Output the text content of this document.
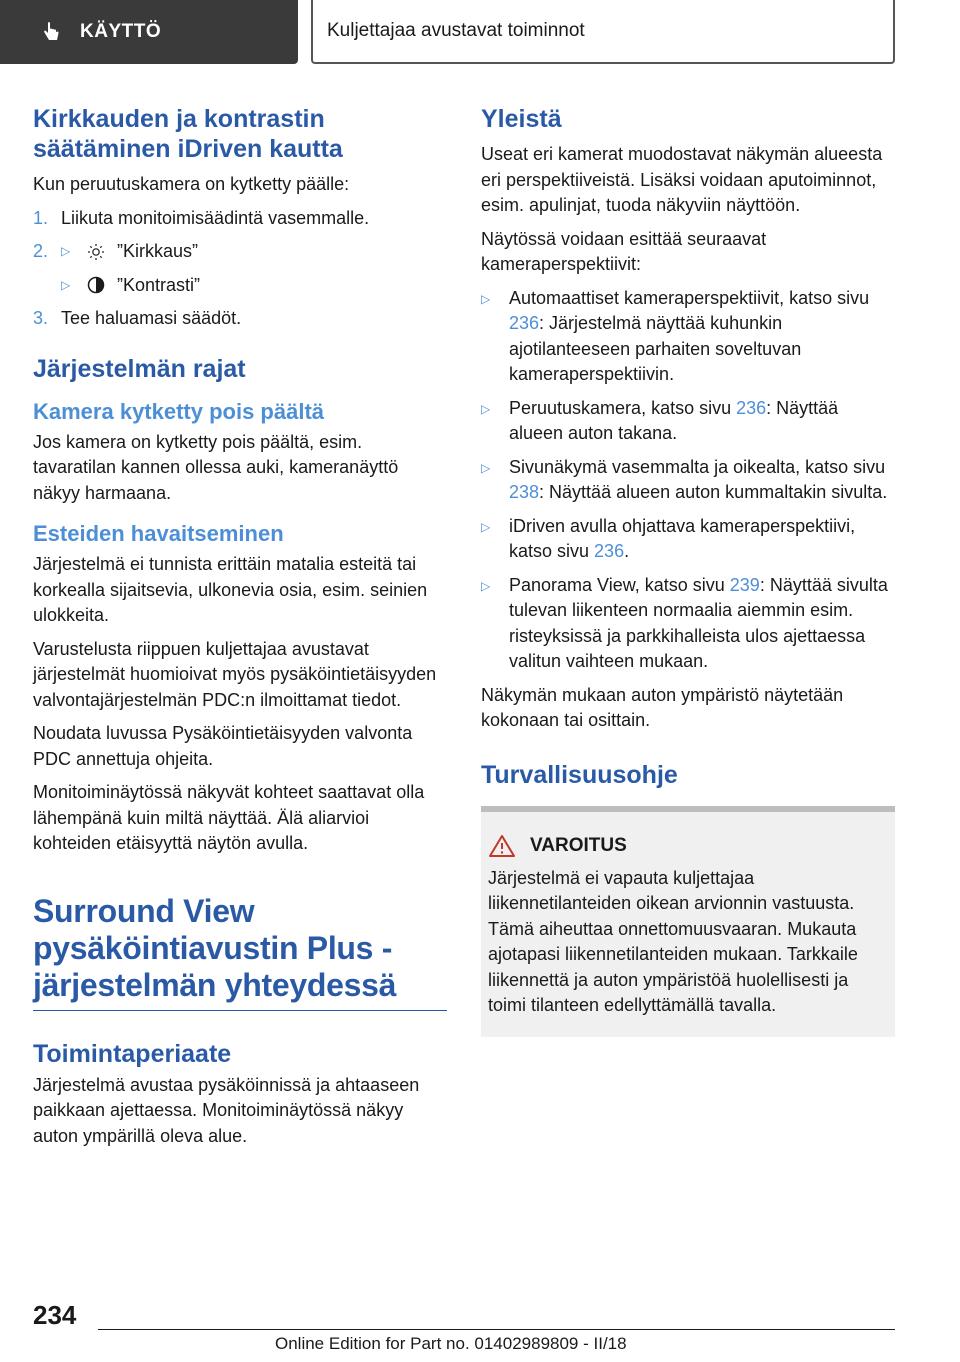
KÄYTTÖ	Kuljettajaa avustavat toiminnot
Kirkkauden ja kontrastin säätäminen iDriven kautta

Kun peruutuskamera on kytketty päälle:

1. Liikuta monitoimisäädintä vasemmalle.
2.	▷	”Kirkkaus”
▷	”Kontrasti”
3. Tee haluamasi säädöt.
Järjestelmän rajat
Kamera kytketty pois päältä

Jos kamera on kytketty pois päältä, esim. tavaratilan kannen ollessa auki, kameranäyttö näkyy harmaana.

Esteiden havaitseminen

Järjestelmä ei tunnista erittäin matalia esteitä tai korkealla sijaitsevia, ulkonevia osia, esim. seinien ulokkeita.

Varustelusta riippuen kuljettajaa avustavat järjestelmät huomioivat myös pysäköintietäisyyden valvontajärjestelmän PDC:n ilmoittamat tiedot.

Noudata luvussa Pysäköintietäisyyden valvonta PDC annettuja ohjeita.

Monitoiminäytössä näkyvät kohteet saattavat olla lähempänä kuin miltä näyttää. Älä aliarvioi kohteiden etäisyyttä näytön avulla.

Surround View pysäköintiavustin Plus -järjestelmän yhteydessä
Toimintaperiaate

Järjestelmä avustaa pysäköinnissä ja ahtaaseen paikkaan ajettaessa. Monitoiminäytössä näkyy auton ympärillä oleva alue.

Yleistä

Useat eri kamerat muodostavat näkymän alueesta eri perspektiiveistä. Lisäksi voidaan aputoiminnot, esim. apulinjat, tuoda näkyviin näyttöön.

Näytössä voidaan esittää seuraavat kameraperspektiivit:

▷	Automaattiset kameraperspektiivit, katso sivu 236: Järjestelmä näyttää kuhunkin ajotilanteeseen parhaiten soveltuvan kameraperspektiivin.
▷	Peruutuskamera, katso sivu 236: Näyttää alueen auton takana.
▷	Sivunäkymä vasemmalta ja oikealta, katso sivu 238: Näyttää alueen auton kummaltakin sivulta.
▷	iDriven avulla ohjattava kameraperspektiivi, katso sivu 236.
▷	Panorama View, katso sivu 239: Näyttää sivulta tulevan liikenteen normaalia aiemmin esim. risteyksissä ja parkkihalleista ulos ajettaessa valitun vaihteen mukaan.

Näkymän mukaan auton ympäristö näytetään kokonaan tai osittain.

Turvallisuusohje
VAROITUS

Järjestelmä ei vapauta kuljettajaa liikennetilanteiden oikean arvionnin vastuusta. Tämä aiheuttaa onnettomuusvaaran. Mukauta ajotapasi liikennetilanteiden mukaan. Tarkkaile liikennettä ja auton ympäristöä huolellisesti ja toimi tilanteen edellyttämällä tavalla.

234
Online Edition for Part no. 01402989809 - II/18
